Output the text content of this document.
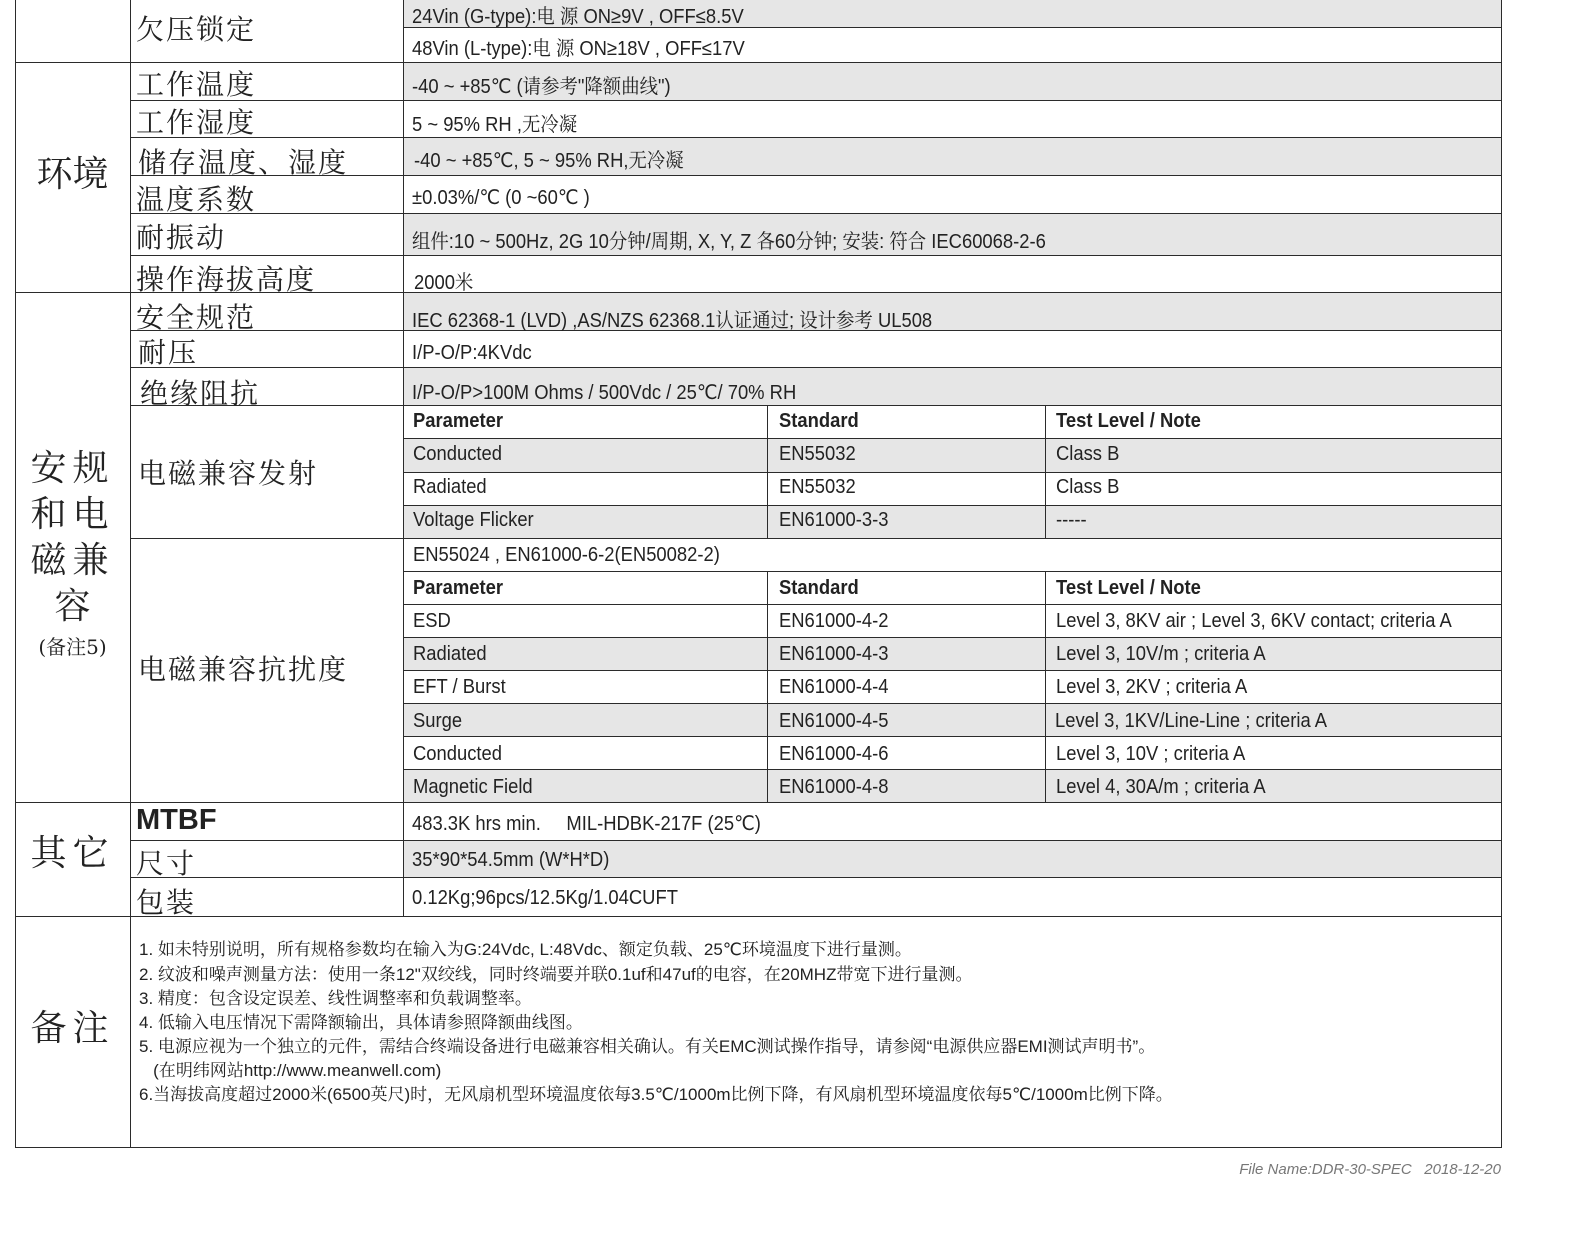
欠压锁定	24Vin (G-type):电 源 ON≥9V , OFF≤8.5V
48Vin (L-type):电 源 ON≥18V , OFF≤17V
环境
工作温度	-40 ~ +85℃ (请参考"降额曲线")
工作湿度	5 ~ 95% RH ,无冷凝
储存温度、湿度	-40 ~ +85℃, 5 ~ 95% RH,无冷凝
温度系数	±0.03%/℃ (0 ~60℃ )
耐振动	组件:10 ~ 500Hz, 2G 10分钟/周期, X, Y, Z 各60分钟; 安装: 符合 IEC60068-2-6
操作海拔高度	2000米
安规
和电
磁兼
容
(备注5)
安全规范	IEC 62368-1 (LVD) ,AS/NZS 62368.1认证通过; 设计参考 UL508
耐压	I/P-O/P:4KVdc
绝缘阻抗	I/P-O/P>100M Ohms / 500Vdc / 25℃/ 70% RH
电磁兼容发射
Parameter	Standard	Test Level / Note
Conducted	EN55032	Class B
Radiated	EN55032	Class B
Voltage Flicker	EN61000-3-3	-----
电磁兼容抗扰度
EN55024 , EN61000-6-2(EN50082-2)
Parameter	Standard	Test Level / Note
ESD	EN61000-4-2	Level 3, 8KV air ; Level 3, 6KV contact; criteria A
Radiated	EN61000-4-3	Level 3, 10V/m ; criteria A
EFT / Burst	EN61000-4-4	Level 3, 2KV ; criteria A
Surge	EN61000-4-5	Level 3, 1KV/Line-Line ; criteria A
Conducted	EN61000-4-6	Level 3, 10V ; criteria A
Magnetic Field	EN61000-4-8	Level 4, 30A/m ; criteria A
其它
MTBF	483.3K hrs min.     MIL-HDBK-217F (25℃)
尺寸	35*90*54.5mm (W*H*D)
包装	0.12Kg;96pcs/12.5Kg/1.04CUFT
备注
1. 如未特别说明，所有规格参数均在输入为G:24Vdc, L:48Vdc、额定负载、25℃环境温度下进行量测。
2. 纹波和噪声测量方法：使用一条12"双绞线，同时终端要并联0.1uf和47uf的电容，在20MHZ带宽下进行量测。
3. 精度：包含设定误差、线性调整率和负载调整率。
4. 低输入电压情况下需降额输出，具体请参照降额曲线图。
5. 电源应视为一个独立的元件，需结合终端设备进行电磁兼容相关确认。有关EMC测试操作指导，请参阅“电源供应器EMI测试声明书”。
(在明纬网站http://www.meanwell.com)
6.当海拔高度超过2000米(6500英尺)时，无风扇机型环境温度依每3.5℃/1000m比例下降，有风扇机型环境温度依每5℃/1000m比例下降。
File Name:DDR-30-SPEC   2018-12-20
